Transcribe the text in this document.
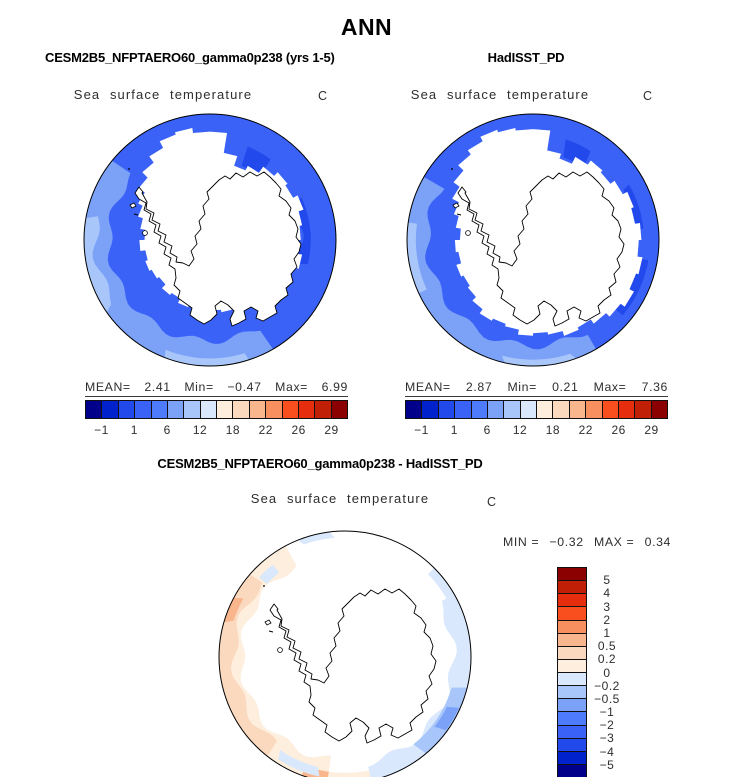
ANN
CESM2B5_NFPTAERO60_gamma0p238 (yrs 1-5)
Sea surface temperature	C
MEAN= 2.41 Min= −0.47 Max= 6.99
−1	1	6	12	18	22	26	29
HadISST_PD
Sea surface temperature	C
MEAN= 2.87 Min= 0.21 Max= 7.36
−1	1	6	12	18	22	26	29
CESM2B5_NFPTAERO60_gamma0p238 - HadISST_PD
Sea surface temperature	C
MIN = −0.32 MAX = 0.34
5
4
3
2
1
0.5
0.2
0
−0.2
−0.5
−1
−2
−3
−4
−5
